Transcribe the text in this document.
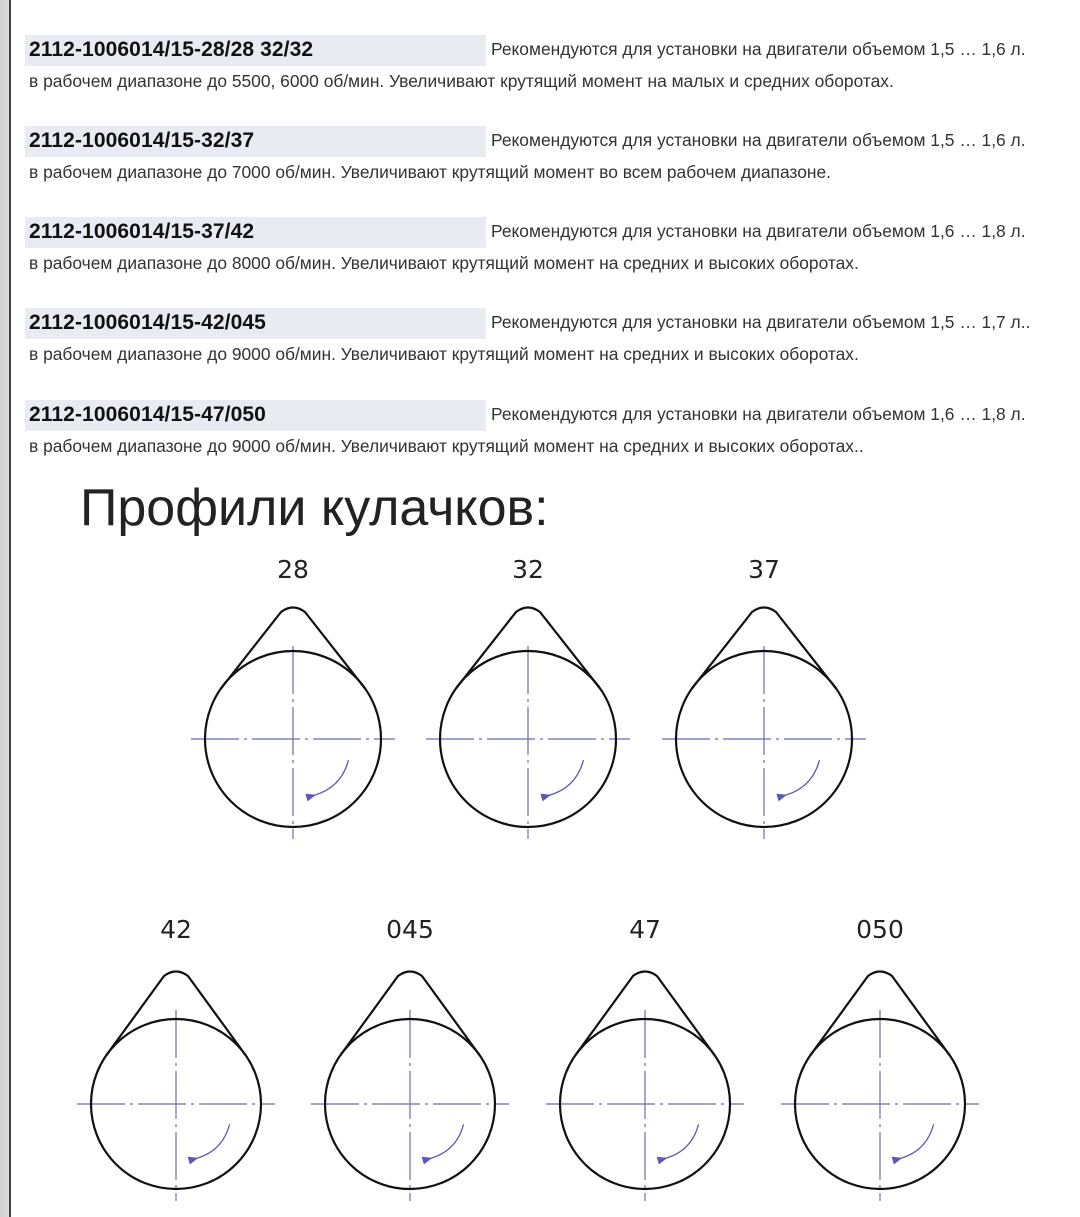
2112-1006014/15-28/28 32/32	Рекомендуются для установки на двигатели объемом 1,5 … 1,6 л.
в рабочем диапазоне до 5500, 6000 об/мин. Увеличивают крутящий момент на малых и средних оборотах.
2112-1006014/15-32/37	Рекомендуются для установки на двигатели объемом 1,5 … 1,6 л.
в рабочем диапазоне до 7000 об/мин. Увеличивают крутящий момент во всем рабочем диапазоне.
2112-1006014/15-37/42	Рекомендуются для установки на двигатели объемом 1,6 … 1,8 л.
в рабочем диапазоне до 8000 об/мин. Увеличивают крутящий момент на средних и высоких оборотах.
2112-1006014/15-42/045	Рекомендуются для установки на двигатели объемом 1,5 … 1,7 л..
в рабочем диапазоне до 9000 об/мин. Увеличивают крутящий момент на средних и высоких оборотах.
2112-1006014/15-47/050	Рекомендуются для установки на двигатели объемом 1,6 … 1,8 л.
в рабочем диапазоне до 9000 об/мин. Увеличивают крутящий момент на средних и высоких оборотах..
Профили кулачков:
28	32	37
42	045	47	050
